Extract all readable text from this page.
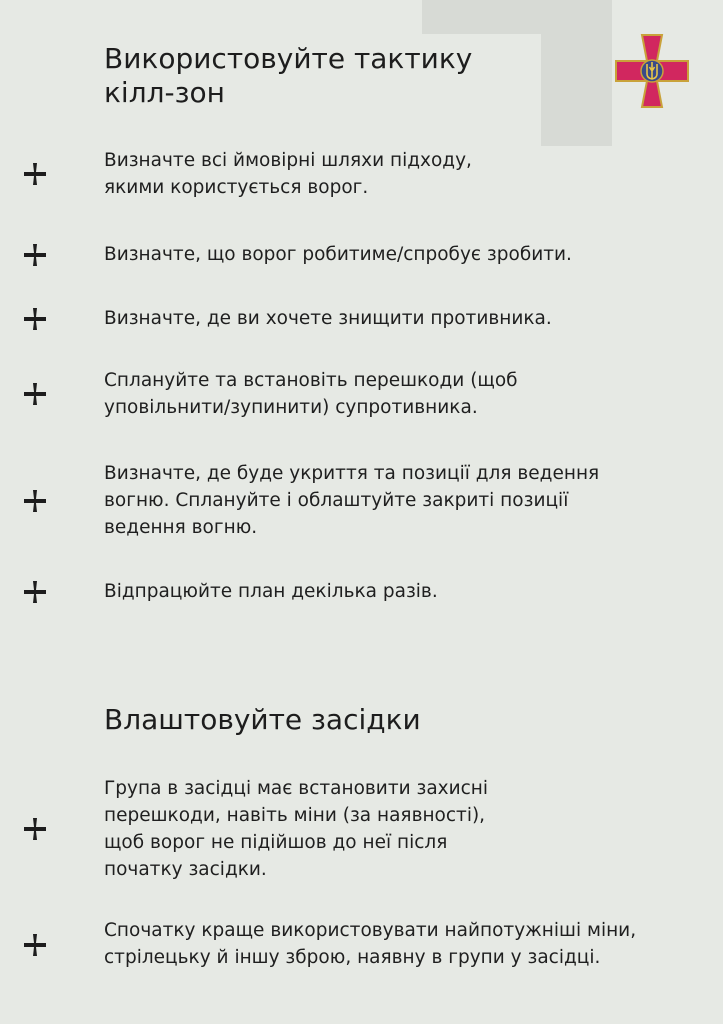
Використовуйте тактику
кілл-зон

Визначте всі ймовірні шляхи підходу,
якими користується ворог.

Визначте, що ворог робитиме/спробує зробити.

Визначте, де ви хочете знищити противника.

Сплануйте та встановіть перешкоди (щоб
уповільнити/зупинити) супротивника.

Визначте, де буде укриття та позиції для ведення
вогню. Сплануйте і облаштуйте закриті позиції
ведення вогню.

Відпрацюйте план декілька разів.

Влаштовуйте засідки

Група в засідці має встановити захисні
перешкоди, навіть міни (за наявності),
щоб ворог не підійшов до неї після
початку засідки.

Спочатку краще використовувати найпотужніші міни,
стрілецьку й іншу зброю, наявну в групи у засідці.
